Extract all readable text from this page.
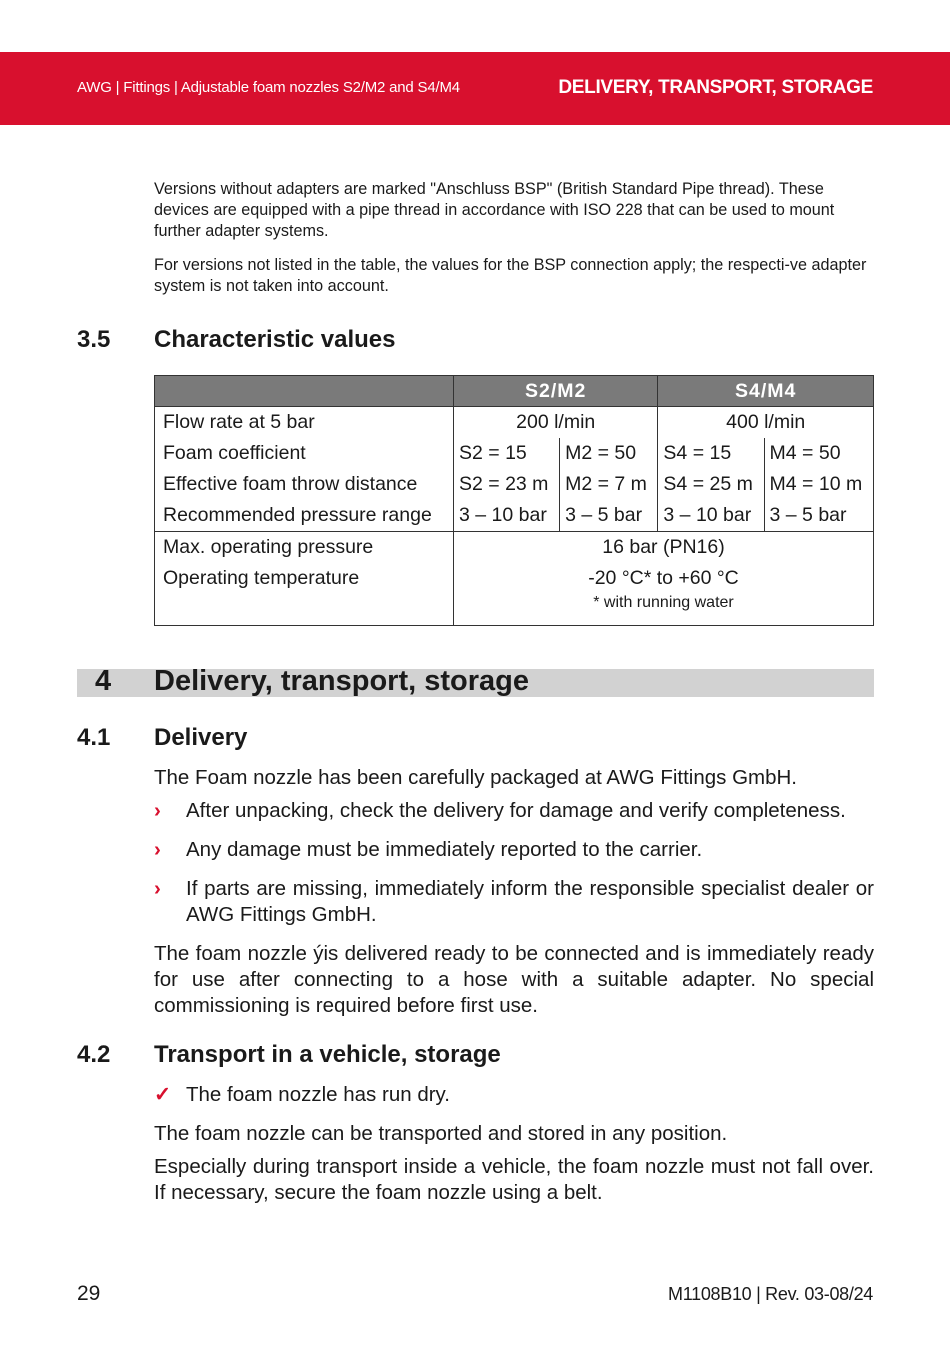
AWG | Fittings | Adjustable foam nozzles S2/M2 and S4/M4	DELIVERY, TRANSPORT, STORAGE

Versions without adapters are marked "Anschluss BSP" (British Standard Pipe thread). These devices are equipped with a pipe thread in accordance with ISO 228 that can be used to mount further adapter systems.

For versions not listed in the table, the values for the BSP connection apply; the respecti-ve adapter system is not taken into account.

3.5 Characteristic values
	S2/M2		S4/M4	
Flow rate at 5 bar	200 l/min		400 l/min	
Foam coefficient	S2 = 15	M2 = 50	S4 = 15	M4 = 50
Effective foam throw distance	S2 = 23 m	M2 = 7 m	S4 = 25 m	M4 = 10 m
Recommended pressure range	3 – 10 bar	3 – 5 bar	3 – 10 bar	3 – 5 bar
Max. operating pressure	16 bar (PN16)			
Operating temperature	-20 °C* to +60 °C			
	* with running water			
4 Delivery, transport, storage
4.1 Delivery

The Foam nozzle has been carefully packaged at AWG Fittings GmbH.

›	After unpacking, check the delivery for damage and verify completeness.
›	Any damage must be immediately reported to the carrier.
›	If parts are missing, immediately inform the responsible specialist dealer or AWG Fittings GmbH.

The foam nozzle ýis delivered ready to be connected and is immediately ready for use after connecting to a hose with a suitable adapter. No special commissioning is required before first use.

4.2 Transport in a vehicle, storage
✓ The foam nozzle has run dry.

The foam nozzle can be transported and stored in any position.

Especially during transport inside a vehicle, the foam nozzle must not fall over. If necessary, secure the foam nozzle using a belt.

29	M1108B10 | Rev. 03-08/24
